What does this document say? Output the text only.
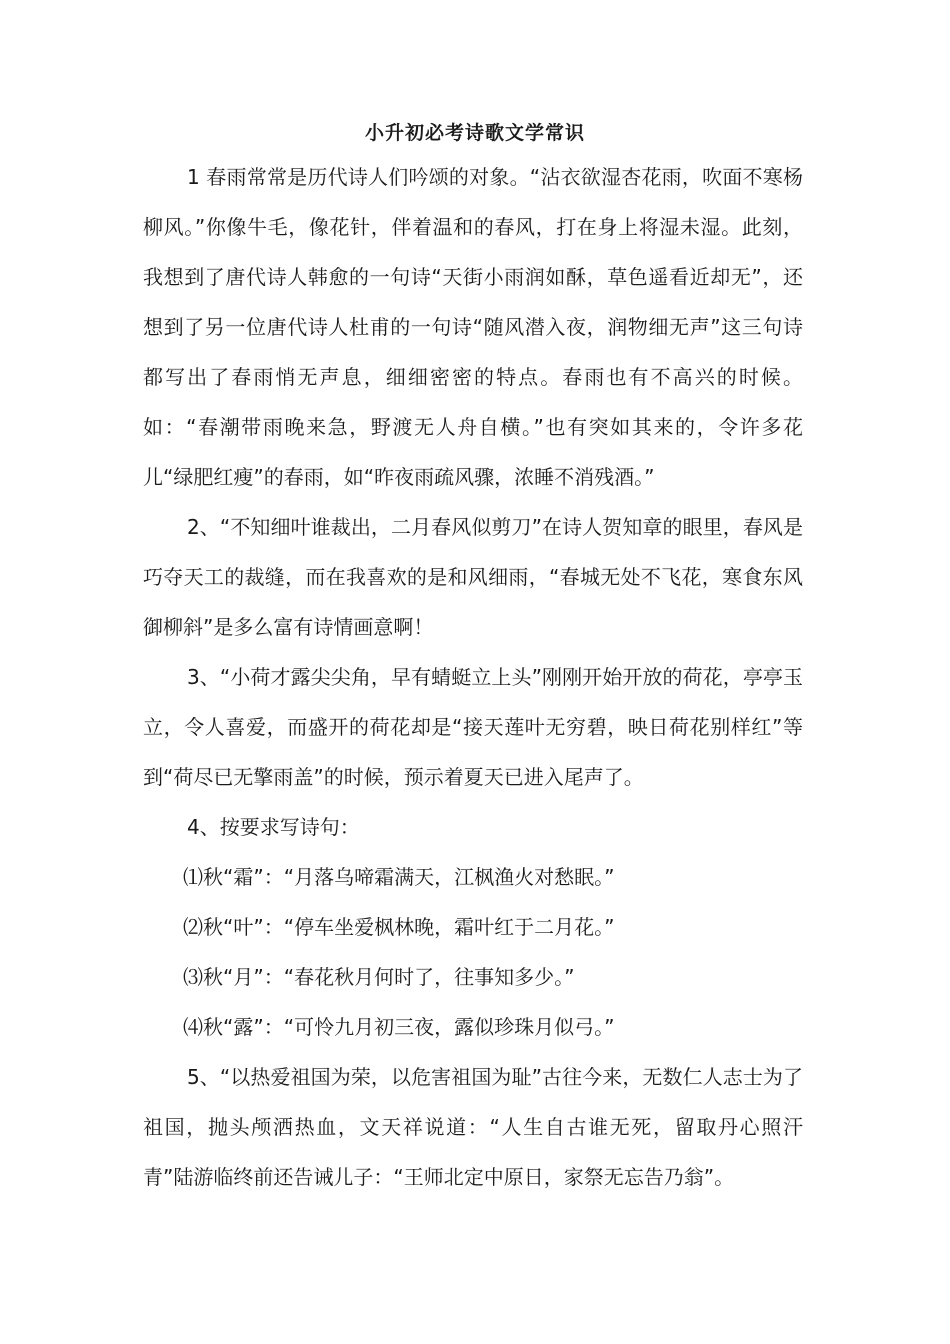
小升初必考诗歌文学常识

1 春雨常常是历代诗人们吟颂的对象。“沾衣欲湿杏花雨，吹面不寒杨柳风。”你像牛毛，像花针，伴着温和的春风，打在身上将湿未湿。此刻，我想到了唐代诗人韩愈的一句诗“天街小雨润如酥，草色遥看近却无”，还想到了另一位唐代诗人杜甫的一句诗“随风潜入夜，润物细无声”这三句诗都写出了春雨悄无声息，细细密密的特点。春雨也有不高兴的时候。如：“春潮带雨晚来急，野渡无人舟自横。”也有突如其来的，令许多花儿“绿肥红瘦”的春雨，如“昨夜雨疏风骤，浓睡不消残酒。”

2、“不知细叶谁裁出，二月春风似剪刀”在诗人贺知章的眼里，春风是巧夺天工的裁缝，而在我喜欢的是和风细雨，“春城无处不飞花，寒食东风御柳斜”是多么富有诗情画意啊！

3、“小荷才露尖尖角，早有蜻蜓立上头”刚刚开始开放的荷花，亭亭玉立，令人喜爱，而盛开的荷花却是“接天莲叶无穷碧，映日荷花别样红”等到“荷尽已无擎雨盖”的时候，预示着夏天已进入尾声了。

4、按要求写诗句：

⑴秋“霜”：“月落乌啼霜满天，江枫渔火对愁眠。”

⑵秋“叶”：“停车坐爱枫林晚，霜叶红于二月花。”

⑶秋“月”：“春花秋月何时了，往事知多少。”

⑷秋“露”：“可怜九月初三夜，露似珍珠月似弓。”

5、“以热爱祖国为荣，以危害祖国为耻”古往今来，无数仁人志士为了祖国，抛头颅洒热血，文天祥说道：“人生自古谁无死，留取丹心照汗青”陆游临终前还告诫儿子：“王师北定中原日，家祭无忘告乃翁”。
